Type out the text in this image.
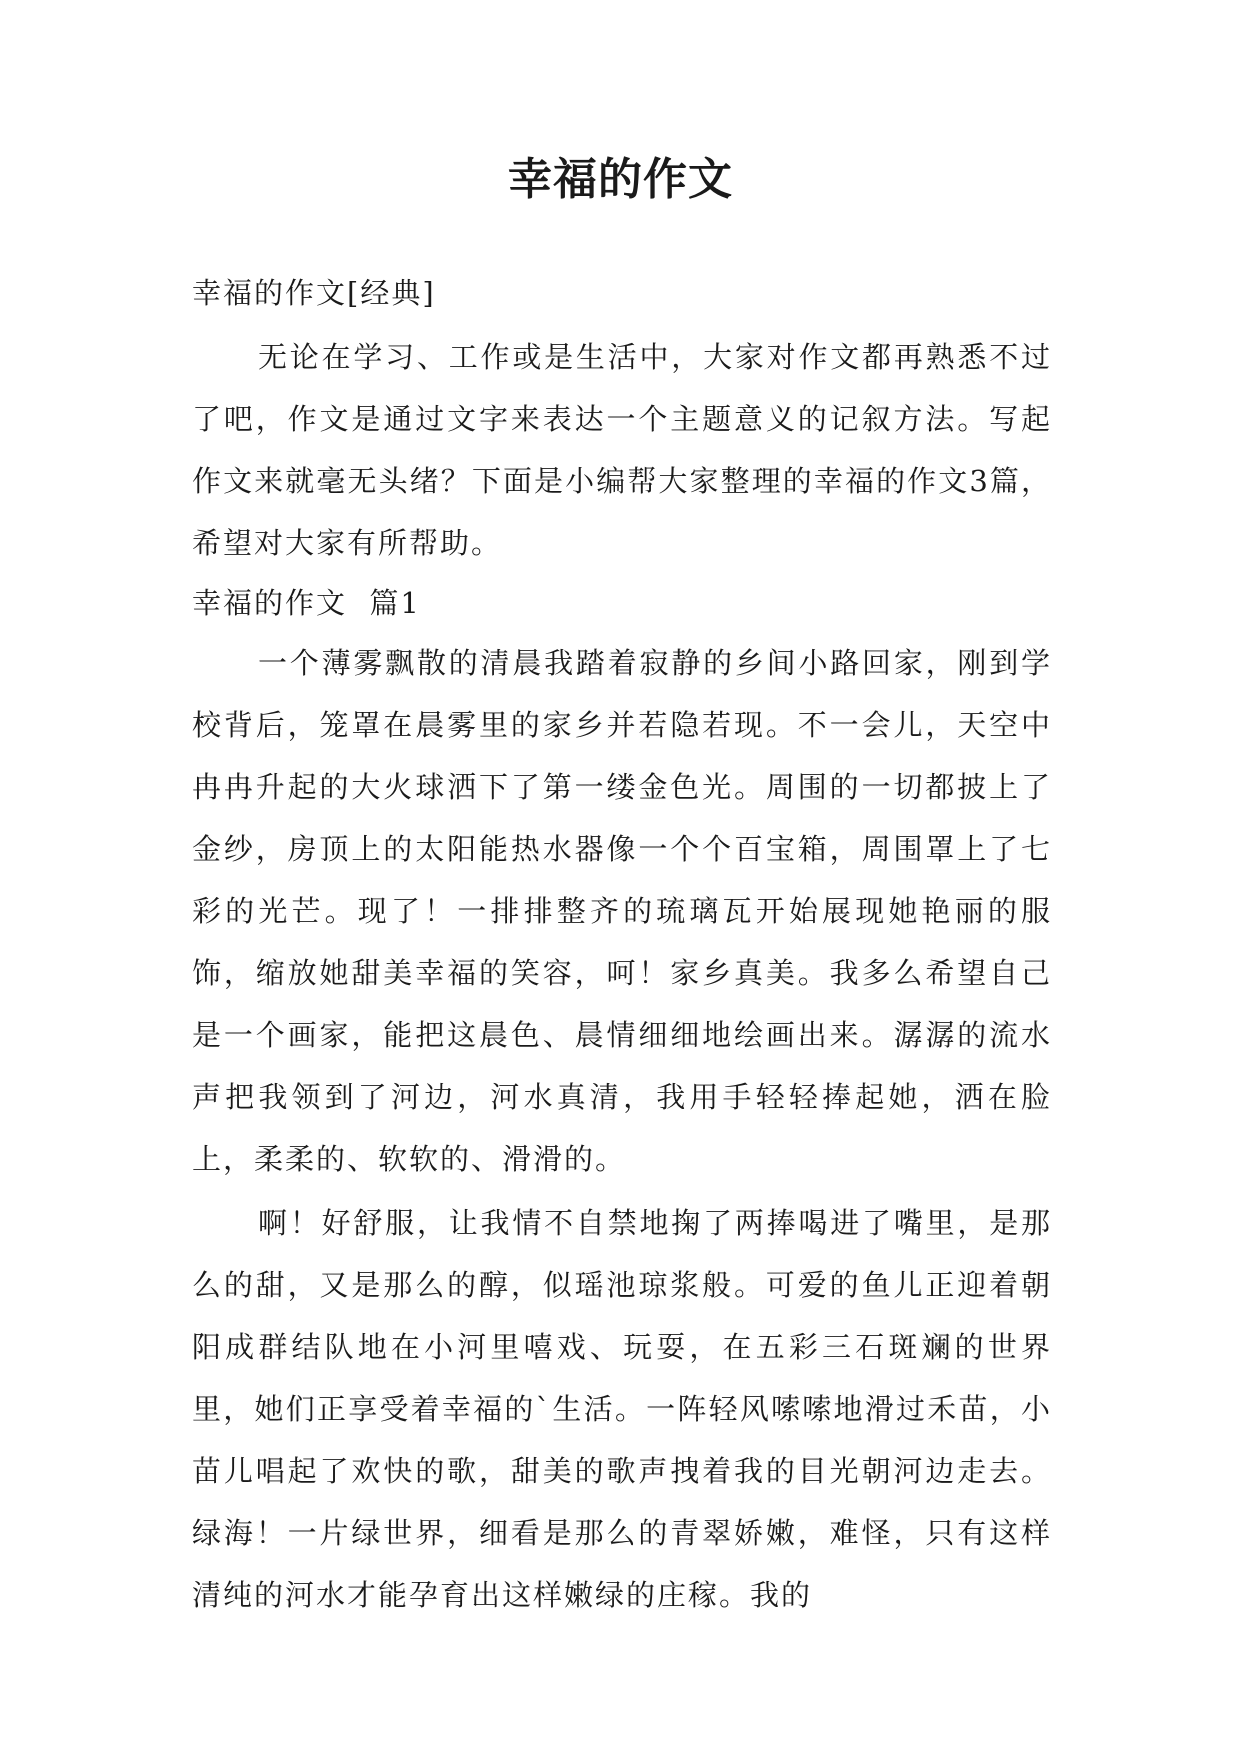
幸福的作文

幸福的作文[经典]

无论在学习、工作或是生活中，大家对作文都再熟悉不过了吧，作文是通过文字来表达一个主题意义的记叙方法。写起作文来就毫无头绪？下面是小编帮大家整理的幸福的作文3篇，希望对大家有所帮助。

幸福的作文  篇1

一个薄雾飘散的清晨我踏着寂静的乡间小路回家，刚到学校背后，笼罩在晨雾里的家乡并若隐若现。不一会儿，天空中冉冉升起的大火球洒下了第一缕金色光。周围的一切都披上了金纱，房顶上的太阳能热水器像一个个百宝箱，周围罩上了七彩的光芒。现了！一排排整齐的琉璃瓦开始展现她艳丽的服饰，缩放她甜美幸福的笑容，呵！家乡真美。我多么希望自己是一个画家，能把这晨色、晨情细细地绘画出来。潺潺的流水声把我领到了河边，河水真清，我用手轻轻捧起她，洒在脸上，柔柔的、软软的、滑滑的。

啊！好舒服，让我情不自禁地掬了两捧喝进了嘴里，是那么的甜，又是那么的醇，似瑶池琼浆般。可爱的鱼儿正迎着朝阳成群结队地在小河里嘻戏、玩耍，在五彩三石斑斓的世界里，她们正享受着幸福的`生活。一阵轻风嗦嗦地滑过禾苗，小苗儿唱起了欢快的歌，甜美的歌声拽着我的目光朝河边走去。绿海！一片绿世界，细看是那么的青翠娇嫩，难怪，只有这样清纯的河水才能孕育出这样嫩绿的庄稼。我的
